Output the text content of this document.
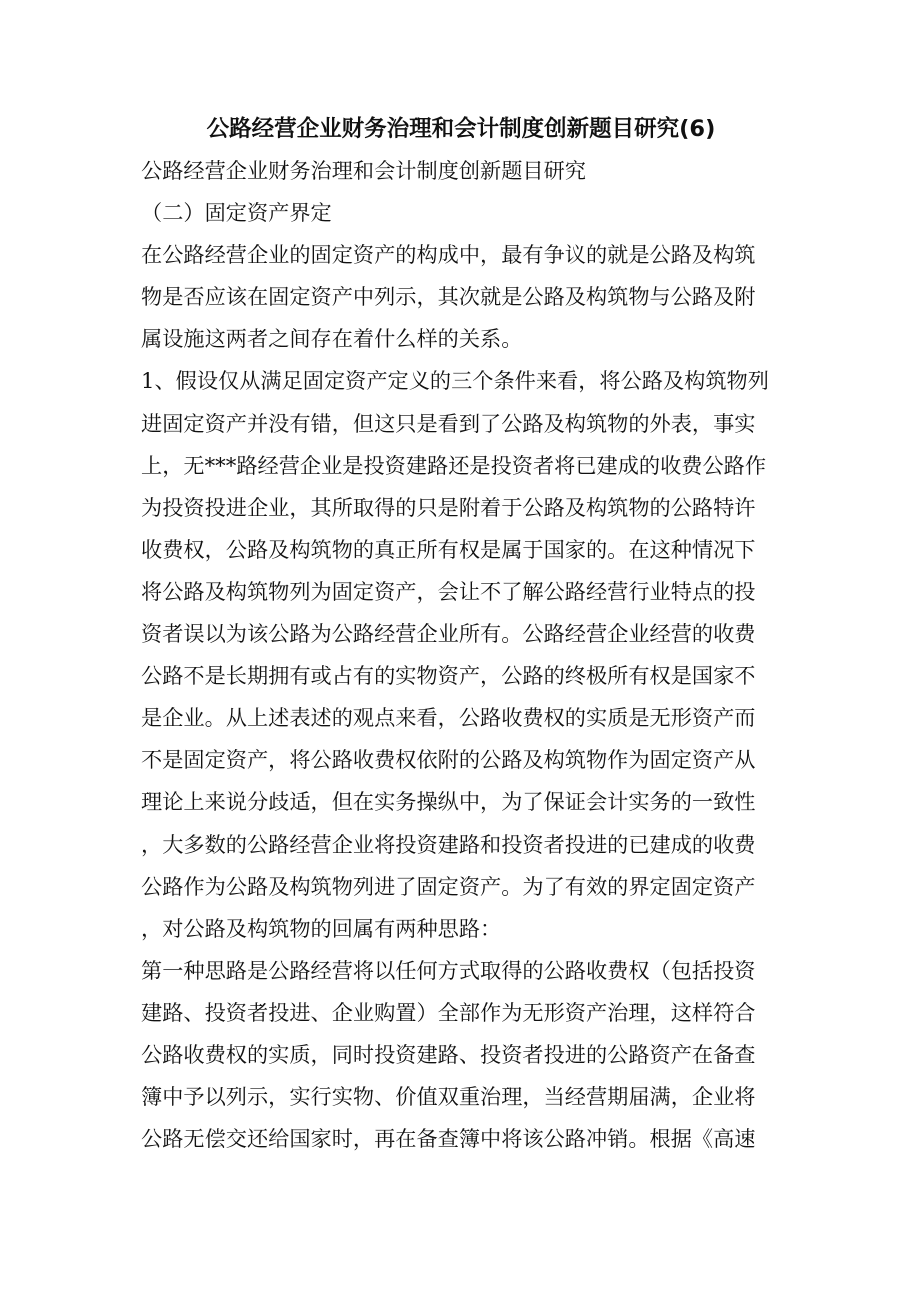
公路经营企业财务治理和会计制度创新题目研究(6)

公路经营企业财务治理和会计制度创新题目研究

（二）固定资产界定

在公路经营企业的固定资产的构成中，最有争议的就是公路及构筑

物是否应该在固定资产中列示，其次就是公路及构筑物与公路及附

属设施这两者之间存在着什么样的关系。

1、假设仅从满足固定资产定义的三个条件来看，将公路及构筑物列

进固定资产并没有错，但这只是看到了公路及构筑物的外表，事实

上，无***路经营企业是投资建路还是投资者将已建成的收费公路作

为投资投进企业，其所取得的只是附着于公路及构筑物的公路特许

收费权，公路及构筑物的真正所有权是属于国家的。在这种情况下

将公路及构筑物列为固定资产，会让不了解公路经营行业特点的投

资者误以为该公路为公路经营企业所有。公路经营企业经营的收费

公路不是长期拥有或占有的实物资产，公路的终极所有权是国家不

是企业。从上述表述的观点来看，公路收费权的实质是无形资产而

不是固定资产，将公路收费权依附的公路及构筑物作为固定资产从

理论上来说分歧适，但在实务操纵中，为了保证会计实务的一致性

，大多数的公路经营企业将投资建路和投资者投进的已建成的收费

公路作为公路及构筑物列进了固定资产。为了有效的界定固定资产

，对公路及构筑物的回属有两种思路：

第一种思路是公路经营将以任何方式取得的公路收费权（包括投资

建路、投资者投进、企业购置）全部作为无形资产治理，这样符合

公路收费权的实质，同时投资建路、投资者投进的公路资产在备查

簿中予以列示，实行实物、价值双重治理，当经营期届满，企业将

公路无偿交还给国家时，再在备查簿中将该公路冲销。根据《高速
